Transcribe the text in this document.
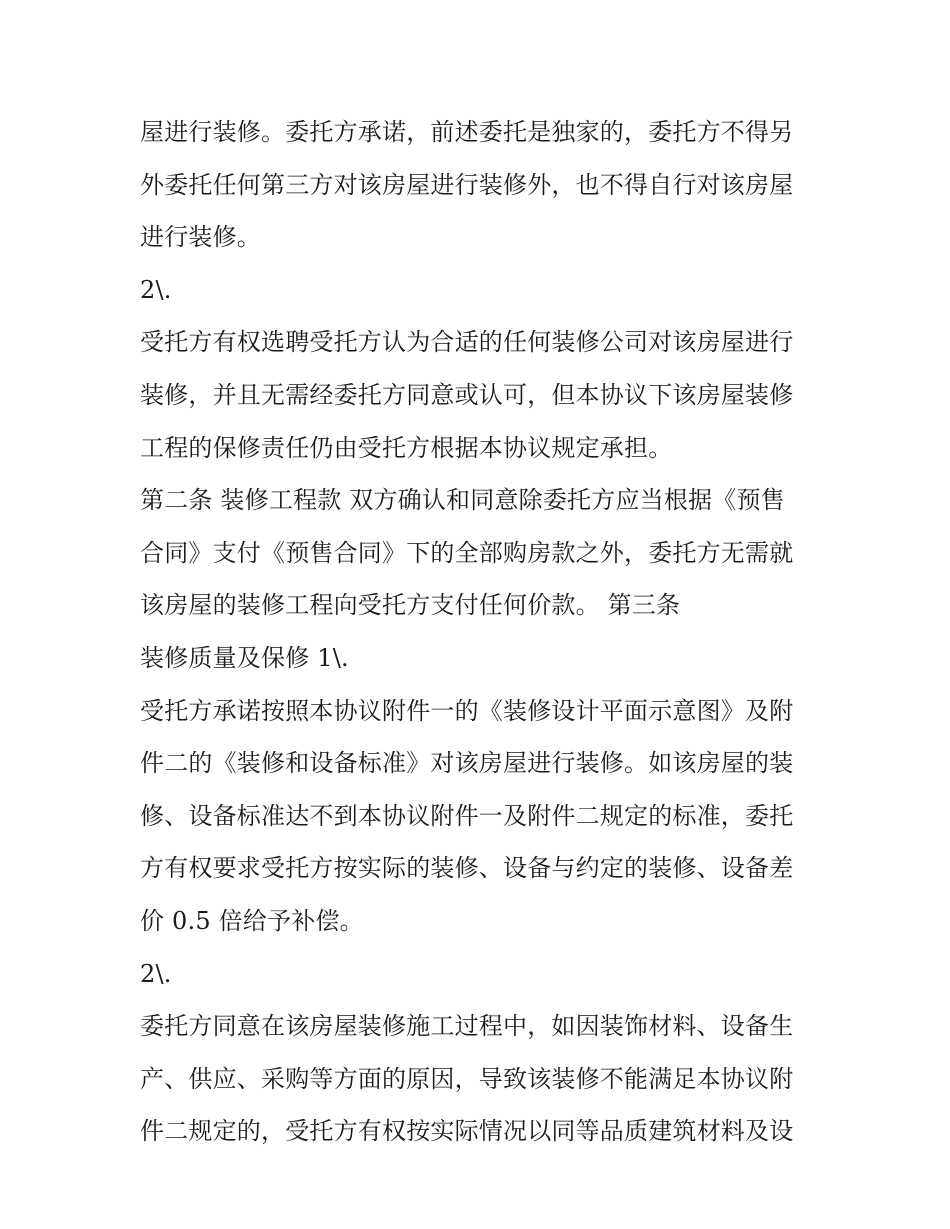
屋进行装修。委托方承诺，前述委托是独家的，委托方不得另
外委托任何第三方对该房屋进行装修外，也不得自行对该房屋
进行装修。
2\.
受托方有权选聘受托方认为合适的任何装修公司对该房屋进行
装修，并且无需经委托方同意或认可，但本协议下该房屋装修
工程的保修责任仍由受托方根据本协议规定承担。
第二条 装修工程款 双方确认和同意除委托方应当根据《预售
合同》支付《预售合同》下的全部购房款之外，委托方无需就
该房屋的装修工程向受托方支付任何价款。 第三条
装修质量及保修 1\.
受托方承诺按照本协议附件一的《装修设计平面示意图》及附
件二的《装修和设备标准》对该房屋进行装修。如该房屋的装
修、设备标准达不到本协议附件一及附件二规定的标准，委托
方有权要求受托方按实际的装修、设备与约定的装修、设备差
价 0.5 倍给予补偿。
2\.
委托方同意在该房屋装修施工过程中，如因装饰材料、设备生
产、供应、采购等方面的原因，导致该装修不能满足本协议附
件二规定的，受托方有权按实际情况以同等品质建筑材料及设
